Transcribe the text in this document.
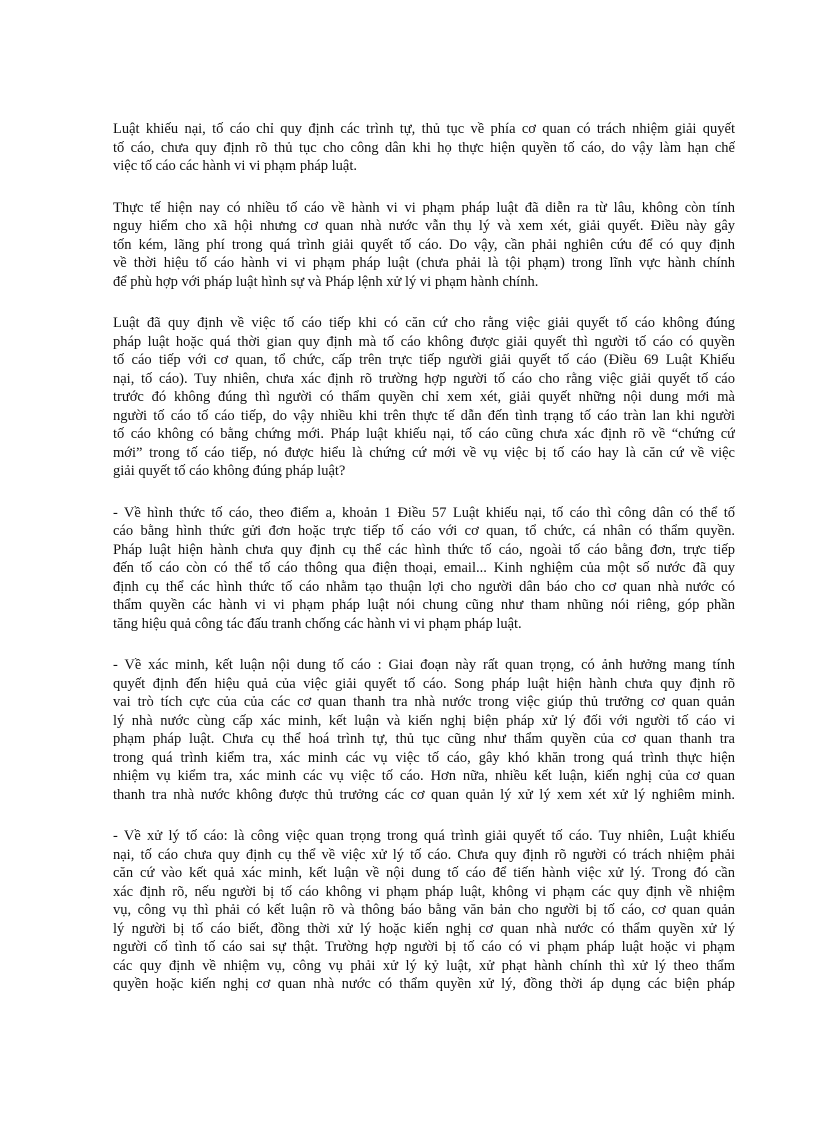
Luật khiếu nại, tố cáo chỉ quy định các trình tự, thủ tục về phía cơ quan có trách nhiệm giải quyết
tố cáo, chưa quy định rõ thủ tục cho công dân khi họ thực hiện quyền tố cáo, do vậy làm hạn chế
việc tố cáo các hành vi vi phạm pháp luật.
Thực tế hiện nay có nhiều tố cáo về hành vi vi phạm pháp luật đã diễn ra từ lâu, không còn tính
nguy hiểm cho xã hội nhưng cơ quan nhà nước vẫn thụ lý và xem xét, giải quyết. Điều này gây
tốn kém, lãng phí trong quá trình giải quyết tố cáo. Do vậy, cần phải nghiên cứu để có quy định
về thời hiệu tố cáo hành vi vi phạm pháp luật (chưa phải là tội phạm) trong lĩnh vực hành chính
để phù hợp với pháp luật hình sự và Pháp lệnh xử lý vi phạm hành chính.
Luật đã quy định về việc tố cáo tiếp khi có căn cứ cho rằng việc giải quyết tố cáo không đúng
pháp luật hoặc quá thời gian quy định mà tố cáo không được giải quyết thì người tố cáo có quyền
tố cáo tiếp với cơ quan, tổ chức, cấp trên trực tiếp người giải quyết tố cáo (Điều 69 Luật Khiếu
nại, tố cáo). Tuy nhiên, chưa xác định rõ trường hợp người tố cáo cho rằng việc giải quyết tố cáo
trước đó không đúng thì người có thẩm quyền chỉ xem xét, giải quyết những nội dung mới mà
người tố cáo tố cáo tiếp, do vậy nhiều khi trên thực tế dẫn đến tình trạng tố cáo tràn lan khi người
tố cáo không có bằng chứng mới. Pháp luật khiếu nại, tố cáo cũng chưa xác định rõ về “chứng cứ
mới” trong tố cáo tiếp, nó được hiểu là chứng cứ mới về vụ việc bị tố cáo hay là căn cứ về việc
giải quyết tố cáo không đúng pháp luật?
- Về hình thức tố cáo, theo điểm a, khoản 1 Điều 57 Luật khiếu nại, tố cáo thì công dân có thể tố
cáo bằng hình thức gửi đơn hoặc trực tiếp tố cáo với cơ quan, tổ chức, cá nhân có thẩm quyền.
Pháp luật hiện hành chưa quy định cụ thể các hình thức tố cáo, ngoài tố cáo bằng đơn, trực tiếp
đến tố cáo còn có thể tố cáo thông qua điện thoại, email... Kinh nghiệm của một số nước đã quy
định cụ thể các hình thức tố cáo nhằm tạo thuận lợi cho người dân báo cho cơ quan nhà nước có
thẩm quyền các hành vi vi phạm pháp luật nói chung cũng như tham nhũng nói riêng, góp phần
tăng hiệu quả công tác đấu tranh chống các hành vi vi phạm pháp luật.
- Về xác minh, kết luận nội dung tố cáo : Giai đoạn này rất quan trọng, có ảnh hưởng mang tính
quyết định đến hiệu quả của việc giải quyết tố cáo. Song pháp luật hiện hành chưa quy định rõ
vai trò tích cực của của các cơ quan thanh tra nhà nước trong việc giúp thủ trưởng cơ quan quản
lý nhà nước cùng cấp xác minh, kết luận và kiến nghị biện pháp xử lý đối với người tố cáo vi
phạm pháp luật. Chưa cụ thể hoá trình tự, thủ tục cũng như thẩm quyền của cơ quan thanh tra
trong quá trình kiểm tra, xác minh các vụ việc tố cáo, gây khó khăn trong quá trình thực hiện
nhiệm vụ kiểm tra, xác minh các vụ việc tố cáo. Hơn nữa, nhiều kết luận, kiến nghị của cơ quan
thanh tra nhà nước không được thủ trưởng các cơ quan quản lý xử lý xem xét xử lý nghiêm minh.
- Về xử lý tố cáo: là công việc quan trọng trong quá trình giải quyết tố cáo. Tuy nhiên, Luật khiếu
nại, tố cáo chưa quy định cụ thể về việc xử lý tố cáo. Chưa quy định rõ người có trách nhiệm phải
căn cứ vào kết quả xác minh, kết luận về nội dung tố cáo để tiến hành việc xử lý. Trong đó cần
xác định rõ, nếu người bị tố cáo không vi phạm pháp luật, không vi phạm các quy định về nhiệm
vụ, công vụ thì phải có kết luận rõ và thông báo bằng văn bản cho người bị tố cáo, cơ quan quản
lý người bị tố cáo biết, đồng thời xử lý hoặc kiến nghị cơ quan nhà nước có thẩm quyền xử lý
người cố tình tố cáo sai sự thật. Trường hợp người bị tố cáo có vi phạm pháp luật hoặc vi phạm
các quy định về nhiệm vụ, công vụ phải xử lý kỷ luật, xử phạt hành chính thì xử lý theo thẩm
quyền hoặc kiến nghị cơ quan nhà nước có thẩm quyền xử lý, đồng thời áp dụng các biện pháp
